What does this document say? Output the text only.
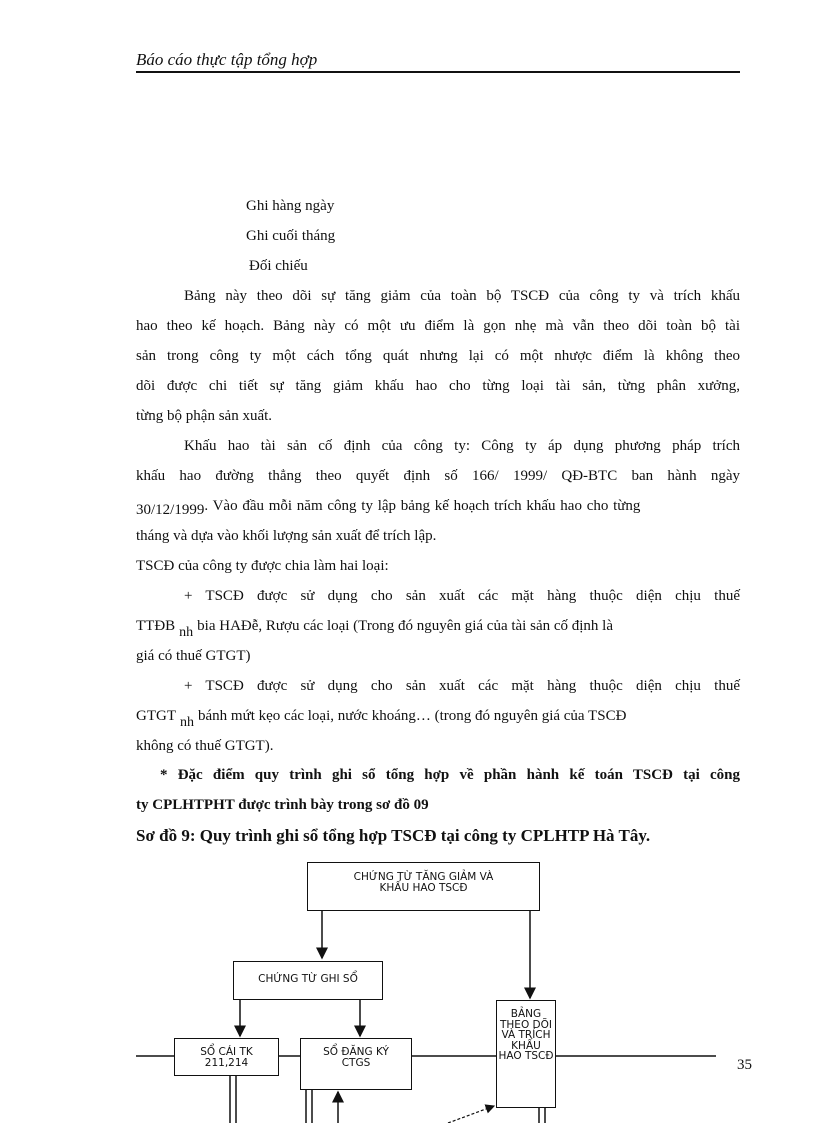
Báo cáo thực tập tổng hợp
Ghi hàng ngày
Ghi cuối tháng
Đối chiếu
Bảng này theo dõi sự tăng giảm của toàn bộ TSCĐ của công ty và trích khấu
hao theo kế hoạch. Bảng này có một ưu điểm là gọn nhẹ mà vẫn theo dõi toàn bộ tài
sản trong công ty một cách tổng quát nhưng lại có một nhược điểm là không theo
dõi được chi tiết sự tăng giảm khấu hao cho từng loại tài sản, từng phân xưởng,
từng bộ phận sản xuất.
Khấu hao tài sản cố định của công ty: Công ty áp dụng phương pháp trích
khấu hao đường thẳng theo quyết định số 166/ 1999/ QĐ-BTC ban hành ngày
30/12/1999. Vào đầu mỗi năm công ty lập bảng kế hoạch trích khấu hao cho từng
tháng và dựa vào khối lượng sản xuất để trích lập.
TSCĐ của công ty được chia làm hai loại:
+ TSCĐ được sử dụng cho sản xuất các mặt hàng thuộc diện chịu thuế
TTĐB nh bia HAĐễ, Rượu các loại (Trong đó nguyên giá của tài sản cố định là
giá có thuế GTGT)
+ TSCĐ được sử dụng cho sản xuất các mặt hàng thuộc diện chịu thuế
GTGT nh bánh mứt kẹo các loại, nước khoáng… (trong đó nguyên giá của TSCĐ
không có thuế GTGT).
* Đặc điểm quy trình ghi sổ tổng hợp về phần hành kế toán TSCĐ tại công
ty CPLHTPHT được trình bày trong sơ đồ 09
Sơ đồ 9: Quy trình ghi sổ tổng hợp TSCĐ tại công ty CPLHTP Hà Tây.
CHỨNG TỪ TĂNG GIẢM VÀ
KHẤU HAO TSCĐ
CHỨNG TỪ GHI SỔ
SỔ CÁI TK
211,214
SỔ ĐĂNG KÝ
CTGS
BẢNG
THEO DÕI
VÀ TRÍCH
KHẤU
HAO TSCĐ
35
